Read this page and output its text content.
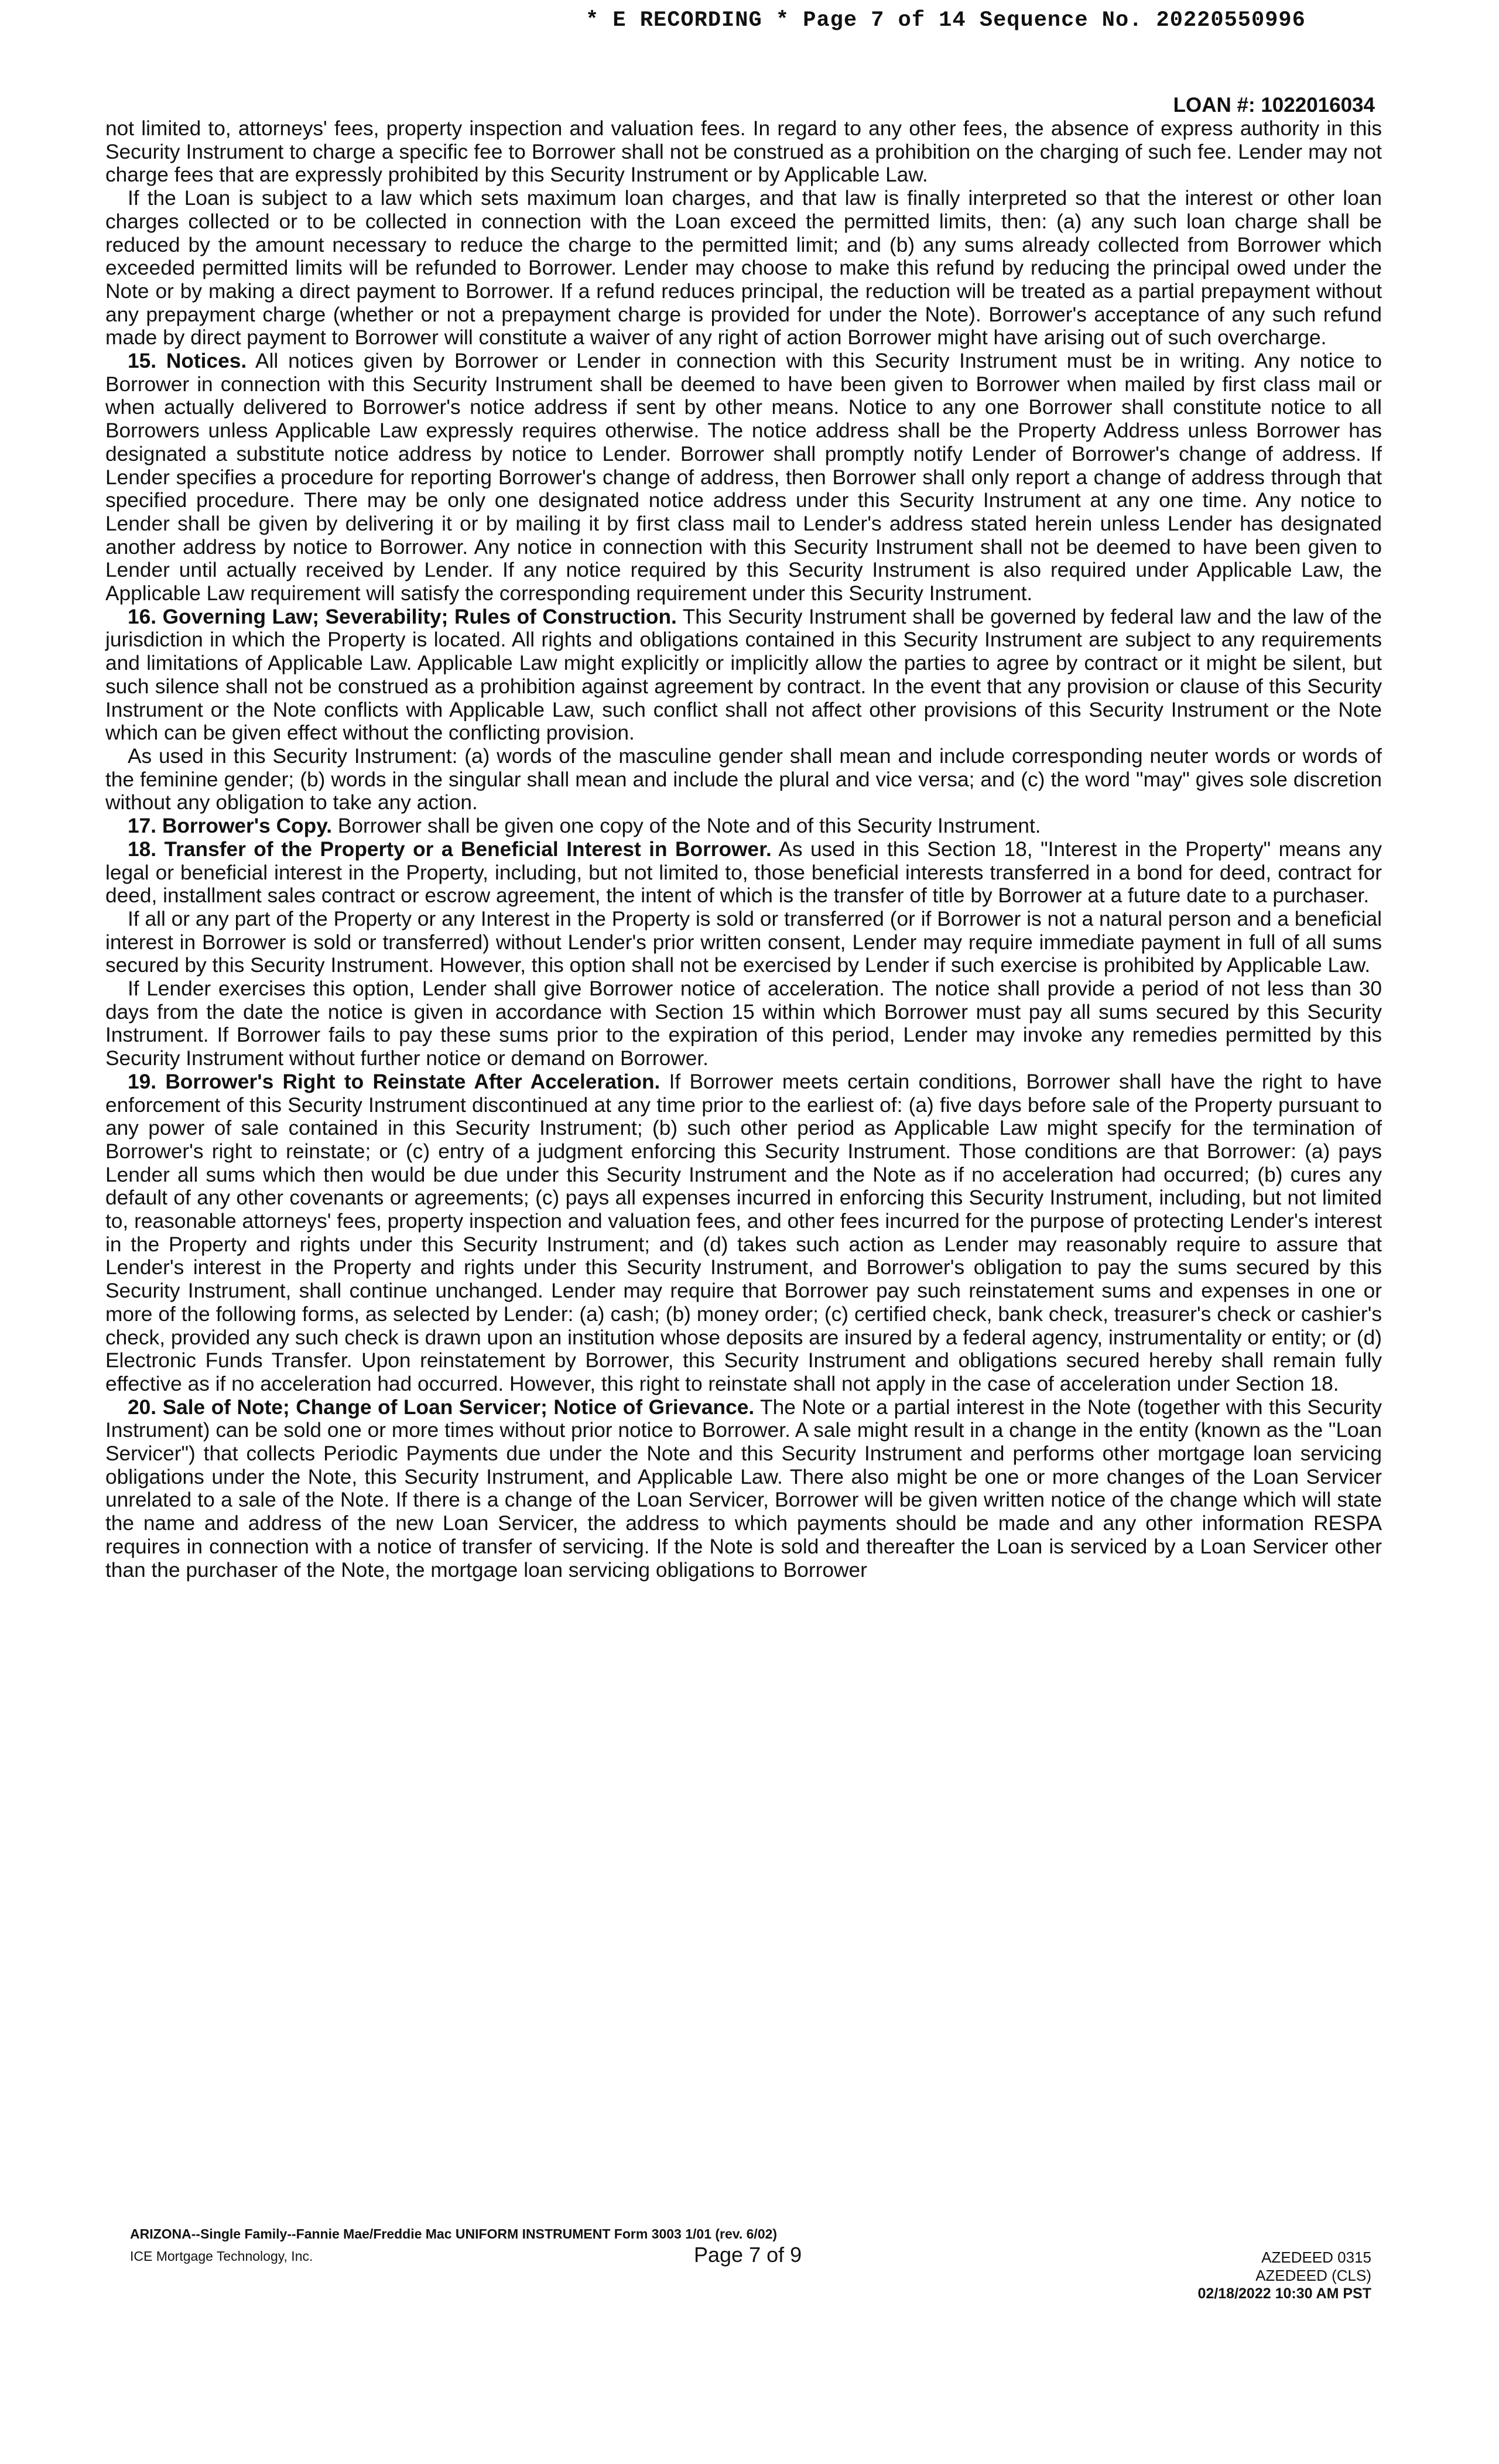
* E RECORDING * Page 7 of 14 Sequence No. 20220550996
LOAN #: 1022016034

not limited to, attorneys' fees, property inspection and valuation fees. In regard to any other fees, the absence of express authority in this Security Instrument to charge a specific fee to Borrower shall not be construed as a prohibition on the charging of such fee. Lender may not charge fees that are expressly prohibited by this Security Instrument or by Applicable Law.

If the Loan is subject to a law which sets maximum loan charges, and that law is finally interpreted so that the interest or other loan charges collected or to be collected in connection with the Loan exceed the permitted limits, then: (a) any such loan charge shall be reduced by the amount necessary to reduce the charge to the permitted limit; and (b) any sums already collected from Borrower which exceeded permitted limits will be refunded to Borrower. Lender may choose to make this refund by reducing the principal owed under the Note or by making a direct payment to Borrower. If a refund reduces principal, the reduction will be treated as a partial prepayment without any prepayment charge (whether or not a prepayment charge is provided for under the Note). Borrower's acceptance of any such refund made by direct payment to Borrower will constitute a waiver of any right of action Borrower might have arising out of such overcharge.

15. Notices. All notices given by Borrower or Lender in connection with this Security Instrument must be in writing. Any notice to Borrower in connection with this Security Instrument shall be deemed to have been given to Borrower when mailed by first class mail or when actually delivered to Borrower's notice address if sent by other means. Notice to any one Borrower shall constitute notice to all Borrowers unless Applicable Law expressly requires otherwise. The notice address shall be the Property Address unless Borrower has designated a substitute notice address by notice to Lender. Borrower shall promptly notify Lender of Borrower's change of address. If Lender specifies a procedure for reporting Borrower's change of address, then Borrower shall only report a change of address through that specified procedure. There may be only one designated notice address under this Security Instrument at any one time. Any notice to Lender shall be given by delivering it or by mailing it by first class mail to Lender's address stated herein unless Lender has designated another address by notice to Borrower. Any notice in connection with this Security Instrument shall not be deemed to have been given to Lender until actually received by Lender. If any notice required by this Security Instrument is also required under Applicable Law, the Applicable Law requirement will satisfy the corresponding requirement under this Security Instrument.

16. Governing Law; Severability; Rules of Construction. This Security Instrument shall be governed by federal law and the law of the jurisdiction in which the Property is located. All rights and obligations contained in this Security Instrument are subject to any requirements and limitations of Applicable Law. Applicable Law might explicitly or implicitly allow the parties to agree by contract or it might be silent, but such silence shall not be construed as a prohibition against agreement by contract. In the event that any provision or clause of this Security Instrument or the Note conflicts with Applicable Law, such conflict shall not affect other provisions of this Security Instrument or the Note which can be given effect without the conflicting provision.

As used in this Security Instrument: (a) words of the masculine gender shall mean and include corresponding neuter words or words of the feminine gender; (b) words in the singular shall mean and include the plural and vice versa; and (c) the word "may" gives sole discretion without any obligation to take any action.

17. Borrower's Copy. Borrower shall be given one copy of the Note and of this Security Instrument.

18. Transfer of the Property or a Beneficial Interest in Borrower. As used in this Section 18, "Interest in the Property" means any legal or beneficial interest in the Property, including, but not limited to, those beneficial interests transferred in a bond for deed, contract for deed, installment sales contract or escrow agreement, the intent of which is the transfer of title by Borrower at a future date to a purchaser.

If all or any part of the Property or any Interest in the Property is sold or transferred (or if Borrower is not a natural person and a beneficial interest in Borrower is sold or transferred) without Lender's prior written consent, Lender may require immediate payment in full of all sums secured by this Security Instrument. However, this option shall not be exercised by Lender if such exercise is prohibited by Applicable Law.

If Lender exercises this option, Lender shall give Borrower notice of acceleration. The notice shall provide a period of not less than 30 days from the date the notice is given in accordance with Section 15 within which Borrower must pay all sums secured by this Security Instrument. If Borrower fails to pay these sums prior to the expiration of this period, Lender may invoke any remedies permitted by this Security Instrument without further notice or demand on Borrower.

19. Borrower's Right to Reinstate After Acceleration. If Borrower meets certain conditions, Borrower shall have the right to have enforcement of this Security Instrument discontinued at any time prior to the earliest of: (a) five days before sale of the Property pursuant to any power of sale contained in this Security Instrument; (b) such other period as Applicable Law might specify for the termination of Borrower's right to reinstate; or (c) entry of a judgment enforcing this Security Instrument. Those conditions are that Borrower: (a) pays Lender all sums which then would be due under this Security Instrument and the Note as if no acceleration had occurred; (b) cures any default of any other covenants or agreements; (c) pays all expenses incurred in enforcing this Security Instrument, including, but not limited to, reasonable attorneys' fees, property inspection and valuation fees, and other fees incurred for the purpose of protecting Lender's interest in the Property and rights under this Security Instrument; and (d) takes such action as Lender may reasonably require to assure that Lender's interest in the Property and rights under this Security Instrument, and Borrower's obligation to pay the sums secured by this Security Instrument, shall continue unchanged. Lender may require that Borrower pay such reinstatement sums and expenses in one or more of the following forms, as selected by Lender: (a) cash; (b) money order; (c) certified check, bank check, treasurer's check or cashier's check, provided any such check is drawn upon an institution whose deposits are insured by a federal agency, instrumentality or entity; or (d) Electronic Funds Transfer. Upon reinstatement by Borrower, this Security Instrument and obligations secured hereby shall remain fully effective as if no acceleration had occurred. However, this right to reinstate shall not apply in the case of acceleration under Section 18.

20. Sale of Note; Change of Loan Servicer; Notice of Grievance. The Note or a partial interest in the Note (together with this Security Instrument) can be sold one or more times without prior notice to Borrower. A sale might result in a change in the entity (known as the "Loan Servicer") that collects Periodic Payments due under the Note and this Security Instrument and performs other mortgage loan servicing obligations under the Note, this Security Instrument, and Applicable Law. There also might be one or more changes of the Loan Servicer unrelated to a sale of the Note. If there is a change of the Loan Servicer, Borrower will be given written notice of the change which will state the name and address of the new Loan Servicer, the address to which payments should be made and any other information RESPA requires in connection with a notice of transfer of servicing. If the Note is sold and thereafter the Loan is serviced by a Loan Servicer other than the purchaser of the Note, the mortgage loan servicing obligations to Borrower

ARIZONA--Single Family--Fannie Mae/Freddie Mac UNIFORM INSTRUMENT Form 3003 1/01 (rev. 6/02)
ICE Mortgage Technology, Inc.	Page 7 of 9	AZEDEED 0315
AZEDEED (CLS)
02/18/2022 10:30 AM PST
